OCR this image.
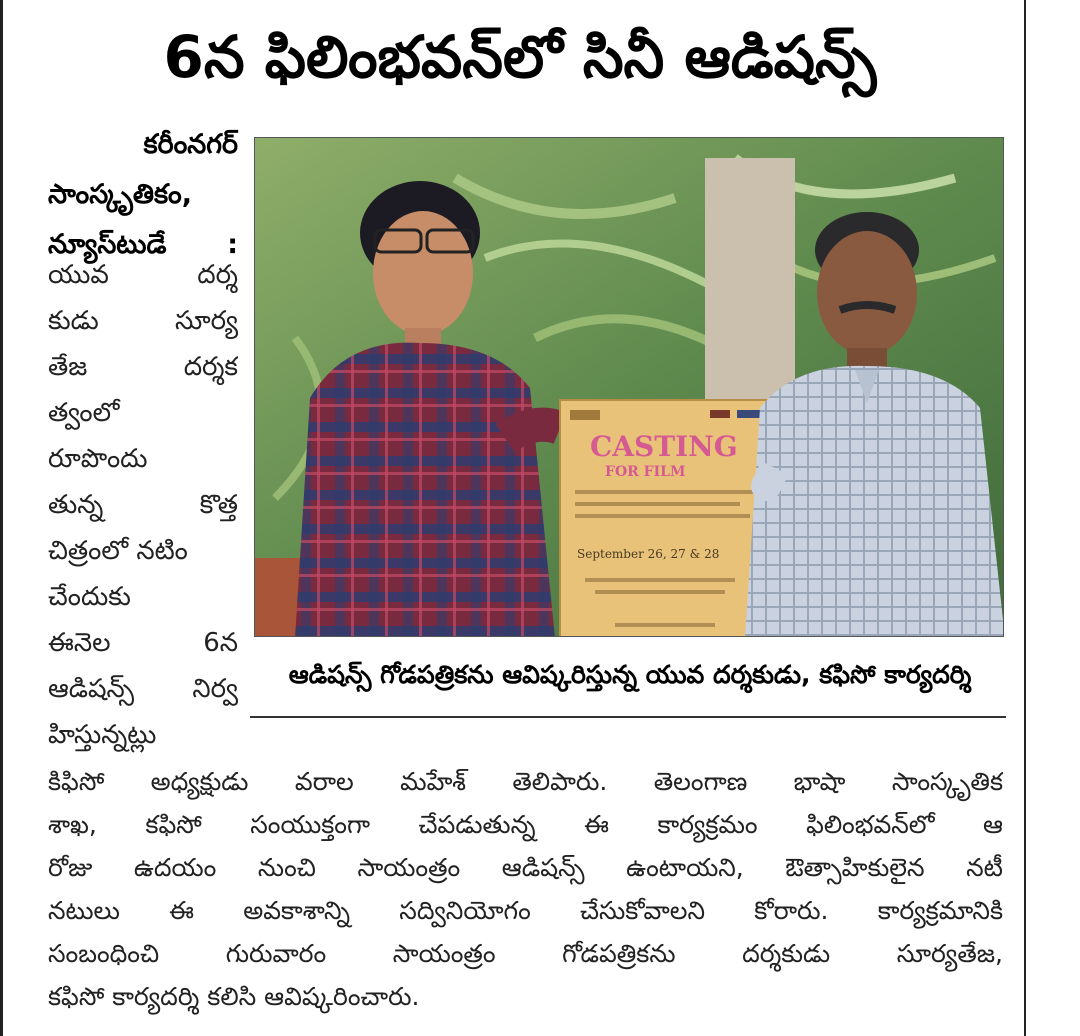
6న ఫిలింభవన్‌లో సినీ ఆడిషన్స్
కరీంనగర్
సాంస్కృతికం,
న్యూస్‌టుడే :
యువ దర్శ
కుడు సూర్య
తేజ దర్శక
త్వంలో
రూపొందు
తున్న కొత్త
చిత్రంలో నటిం
చేందుకు
ఈనెల 6న
ఆడిషన్స్ నిర్వ
హిస్తున్నట్లు
CASTING
FOR FILM
September 26, 27 & 28
ఆడిషన్స్ గోడపత్రికను ఆవిష్కరిస్తున్న యువ దర్శకుడు, కఫిసో కార్యదర్శి
కిఫిసో అధ్యక్షుడు వరాల మహేశ్ తెలిపారు. తెలంగాణ భాషా సాంస్కృతిక
శాఖ, కఫిసో సంయుక్తంగా చేపడుతున్న ఈ కార్యక్రమం ఫిలింభవన్‌లో ఆ
రోజు ఉదయం నుంచి సాయంత్రం ఆడిషన్స్ ఉంటాయని, ఔత్సాహికులైన నటీ
నటులు ఈ అవకాశాన్ని సద్వినియోగం చేసుకోవాలని కోరారు. కార్యక్రమానికి
సంబంధించి గురువారం సాయంత్రం గోడపత్రికను దర్శకుడు సూర్యతేజ,
కఫిసో కార్యదర్శి కలిసి ఆవిష్కరించారు.
